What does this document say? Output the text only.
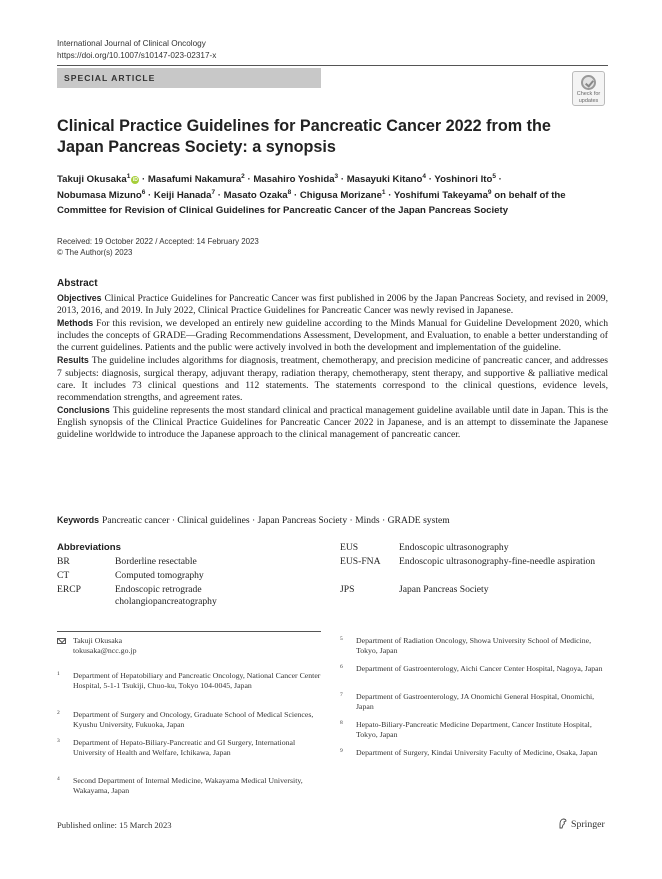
International Journal of Clinical Oncology
https://doi.org/10.1007/s10147-023-02317-x
SPECIAL ARTICLE
Check for
updates
Clinical Practice Guidelines for Pancreatic Cancer 2022 from the Japan Pancreas Society: a synopsis
Takuji Okusaka$^1$iD · Masafumi Nakamura$^2$ · Masahiro Yoshida$^3$ · Masayuki Kitano$^4$ · Yoshinori Ito$^5$ ·
Nobumasa Mizuno$^6$ · Keiji Hanada$^7$ · Masato Ozaka$^8$ · Chigusa Morizane$^1$ · Yoshifumi Takeyama$^9$ on behalf of the Committee for Revision of Clinical Guidelines for Pancreatic Cancer of the Japan Pancreas Society
Received: 19 October 2022 / Accepted: 14 February 2023
© The Author(s) 2023
Abstract

Objectives Clinical Practice Guidelines for Pancreatic Cancer was first published in 2006 by the Japan Pancreas Society, and revised in 2009, 2013, 2016, and 2019. In July 2022, Clinical Practice Guidelines for Pancreatic Cancer was newly revised in Japanese.

Methods For this revision, we developed an entirely new guideline according to the Minds Manual for Guideline Development 2020, which includes the concepts of GRADE—Grading Recommendations Assessment, Development, and Evaluation, to enable a better understanding of the current guidelines. Patients and the public were actively involved in both the development and implementation of the guideline.

Results The guideline includes algorithms for diagnosis, treatment, chemotherapy, and precision medicine of pancreatic cancer, and addresses 7 subjects: diagnosis, surgical therapy, adjuvant therapy, radiation therapy, chemotherapy, stent therapy, and supportive & palliative medical care. It includes 73 clinical questions and 112 statements. The statements correspond to the clinical questions, evidence levels, recommendation strengths, and agreement rates.

Conclusions This guideline represents the most standard clinical and practical management guideline available until date in Japan. This is the English synopsis of the Clinical Practice Guidelines for Pancreatic Cancer 2022 in Japanese, and is an attempt to disseminate the Japanese guideline worldwide to introduce the Japanese approach to the clinical management of pancreatic cancer.

Keywords Pancreatic cancer · Clinical guidelines · Japan Pancreas Society · Minds · GRADE system
Abbreviations
BR	Borderline resectable
CT	Computed tomography
ERCP	Endoscopic retrograde cholangiopancreatography
EUS	Endoscopic ultrasonography
EUS-FNA Endoscopic ultrasonography-fine-needle aspiration
JPS	Japan Pancreas Society
Takuji Okusaka
tokusaka@ncc.go.jp
1 Department of Hepatobiliary and Pancreatic Oncology, National Cancer Center Hospital, 5-1-1 Tsukiji, Chuo-ku, Tokyo 104-0045, Japan
2 Department of Surgery and Oncology, Graduate School of Medical Sciences, Kyushu University, Fukuoka, Japan
3 Department of Hepato-Biliary-Pancreatic and GI Surgery, International University of Health and Welfare, Ichikawa, Japan
4 Second Department of Internal Medicine, Wakayama Medical University, Wakayama, Japan
5 Department of Radiation Oncology, Showa University School of Medicine, Tokyo, Japan
6 Department of Gastroenterology, Aichi Cancer Center Hospital, Nagoya, Japan
7 Department of Gastroenterology, JA Onomichi General Hospital, Onomichi, Japan
8 Hepato-Biliary-Pancreatic Medicine Department, Cancer Institute Hospital, Tokyo, Japan
9 Department of Surgery, Kindai University Faculty of Medicine, Osaka, Japan
Published online: 15 March 2023	Springer
